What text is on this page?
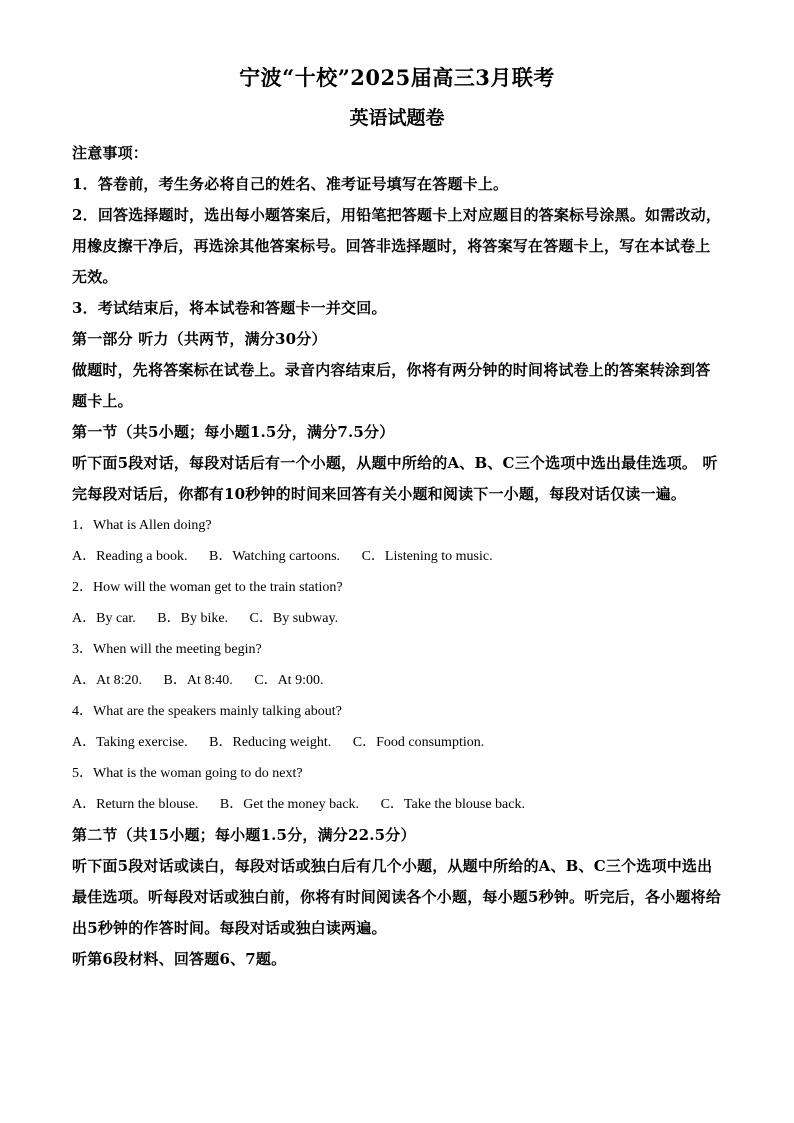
宁波“十校”2025届高三3月联考

英语试题卷

注意事项：

1．答卷前，考生务必将自己的姓名、准考证号填写在答题卡上。

2．回答选择题时，选出每小题答案后，用铅笔把答题卡上对应题目的答案标号涂黑。如需改动，用橡皮擦干净后，再选涂其他答案标号。回答非选择题时，将答案写在答题卡上，写在本试卷上无效。

3．考试结束后，将本试卷和答题卡一并交回。

第一部分 听力（共两节，满分30分）

做题时，先将答案标在试卷上。录音内容结束后，你将有两分钟的时间将试卷上的答案转涂到答题卡上。

第一节（共5小题；每小题1.5分，满分7.5分）

听下面5段对话，每段对话后有一个小题，从题中所给的A、B、C三个选项中选出最佳选项。 听完每段对话后，你都有10秒钟的时间来回答有关小题和阅读下一小题，每段对话仅读一遍。

1．What is Allen doing?

A．Reading a book. B．Watching cartoons. C．Listening to music.

2．How will the woman get to the train station?

A．By car. B．By bike. C．By subway.

3．When will the meeting begin?

A．At 8:20. B．At 8:40. C．At 9:00.

4．What are the speakers mainly talking about?

A．Taking exercise. B．Reducing weight. C．Food consumption.

5．What is the woman going to do next?

A．Return the blouse. B．Get the money back. C．Take the blouse back.

第二节（共15小题；每小题1.5分，满分22.5分）

听下面5段对话或读白，每段对话或独白后有几个小题，从题中所给的A、B、C三个选项中选出最佳选项。听每段对话或独白前，你将有时间阅读各个小题，每小题5秒钟。听完后，各小题将给出5秒钟的作答时间。每段对话或独白读两遍。

听第6段材料、回答题6、7题。
